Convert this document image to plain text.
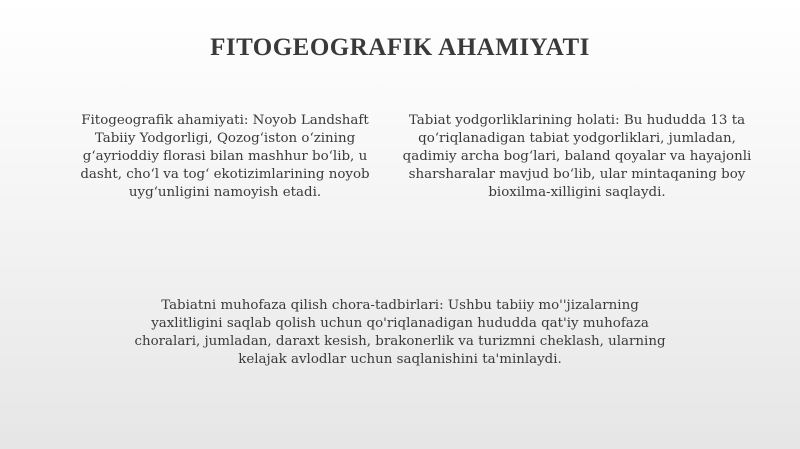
FITOGEOGRAFIK AHAMIYATI

Fitogeografik ahamiyati: Noyob Landshaft Tabiiy Yodgorligi, Qozog‘iston o‘zining g‘ayrioddiy florasi bilan mashhur bo‘lib, u dasht, cho‘l va tog‘ ekotizimlarining noyob uyg‘unligini namoyish etadi.

Tabiat yodgorliklarining holati: Bu hududda 13 ta qo‘riqlanadigan tabiat yodgorliklari, jumladan, qadimiy archa bog‘lari, baland qoyalar va hayajonli sharsharalar mavjud bo‘lib, ular mintaqaning boy bioxilma-xilligini saqlaydi.

Tabiatni muhofaza qilish chora-tadbirlari: Ushbu tabiiy mo''jizalarning yaxlitligini saqlab qolish uchun qo'riqlanadigan hududda qat'iy muhofaza choralari, jumladan, daraxt kesish, brakonerlik va turizmni cheklash, ularning kelajak avlodlar uchun saqlanishini ta'minlaydi.
